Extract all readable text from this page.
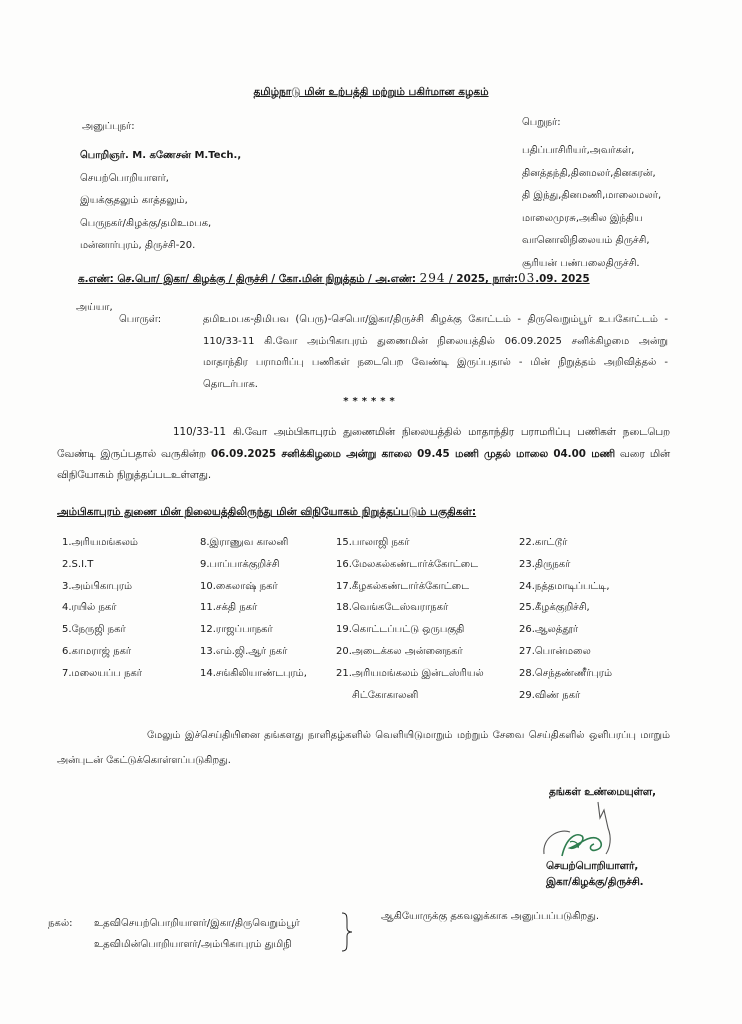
தமிழ்நாடு மின் உற்பத்தி மற்றும் பகிர்மான கழகம்
அனுப்புநர்:
பொறிஞர். M. கணேசன் M.Tech.,
செயற்பொறியாளர்,
இயக்குதலும் காத்தலும்,
பெருநகர்/கிழக்கு/தமிஉமபக,
மன்னார்புரம், திருச்சி-20.
பெறுநர்:
பதிப்பாசிரியர்,அவர்கள்,
தினத்தந்தி,தினமலர்,தினகரன்,
தி இந்து,தினமணி,மாலைமலர்,
மாலைமுரசு,அகில இந்திய
வானொலிநிலையம் திருச்சி,
சூரியன் பண்பலைதிருச்சி.
க.எண்: செ.பொ/ இகா/ கிழக்கு / திருச்சி / கோ.மின் நிறுத்தம் / அ.எண்: 294 / 2025, நாள்:03.09. 2025
அய்யா,
பொருள்:	தமிஉமபக-திமிபவ (பெரு)-செபொ/இகா/திருச்சி கிழக்கு கோட்டம் - திருவெறும்பூர் உபகோட்டம் - 110/33-11 கி.வோ அம்பிகாபுரம் துணைமின் நிலையத்தில் 06.09.2025 சனிக்கிழமை அன்று மாதாந்திர பராமரிப்பு பணிகள் நடைபெற வேண்டி இருப்பதால் - மின் நிறுத்தம் அறிவித்தல் - தொடர்பாக.
******
110/33-11 கி.வோ அம்பிகாபுரம் துணைமின் நிலையத்தில் மாதாந்திர பராமரிப்பு பணிகள் நடைபெற வேண்டி இருப்பதால் வருகின்ற 06.09.2025 சனிக்கிழமை அன்று காலை 09.45 மணி முதல் மாலை 04.00 மணி வரை மின் விநியோகம் நிறுத்தப்படஉள்ளது.
அம்பிகாபுரம் துணை மின் நிலையத்திலிருந்து மின் விநியோகம் நிறுத்தப்படும் பகுதிகள்:
1.அரியமங்கலம்
2.S.I.T
3.அம்பிகாபுரம்
4.ரயில் நகர்
5.நேருஜி நகர்
6.காமராஜ் நகர்
7.மலையப்ப நகர்
8.இராணுவ காலனி
9.பாப்பாக்குறிச்சி
10.கைலாஷ் நகர்
11.சக்தி நகர்
12.ராஜப்பாநகர்
13.எம்.ஜி.ஆர் நகர்
14.சங்கிலியாண்டபுரம்,
15.பாலாஜி நகர்
16.மேலகல்கண்டார்க்கோட்டை
17.கீழகல்கண்டார்க்கோட்டை
18.வெங்கடேஸ்வராநகர்
19.கொட்டப்பட்டு ஒருபகுதி
20.அடைக்கல அன்னைநகர்
21.அரியமங்கலம் இன்டஸ்ரியல்
சிட்கோகாலனி
22.காட்டூர்
23.திருநகர்
24.நத்தமாடிப்பட்டி,
25.கீழக்குறிச்சி,
26.ஆலத்தூர்
27.பொன்மலை
28.செந்தண்ணீர்புரம்
29.விண் நகர்
மேலும் இச்செய்தியினை தங்களது நாளிதழ்களில் வெளியிடுமாறும் மற்றும் சேவை செய்திகளில் ஒளிபரப்பு மாறும் அன்புடன் கேட்டுக்கொள்ளப்படுகிறது.
தங்கள் உண்மையுள்ள,
செயற்பொறியாளர்,
இகா/கிழக்கு/திருச்சி.
நகல்: உதவிசெயற்பொறியாளர்/இகா/திருவெறும்பூர்
உதவிமின்பொறியாளர்/அம்பிகாபுரம் துமிநி
ஆகியோருக்கு தகவலுக்காக அனுப்பப்படுகிறது.
